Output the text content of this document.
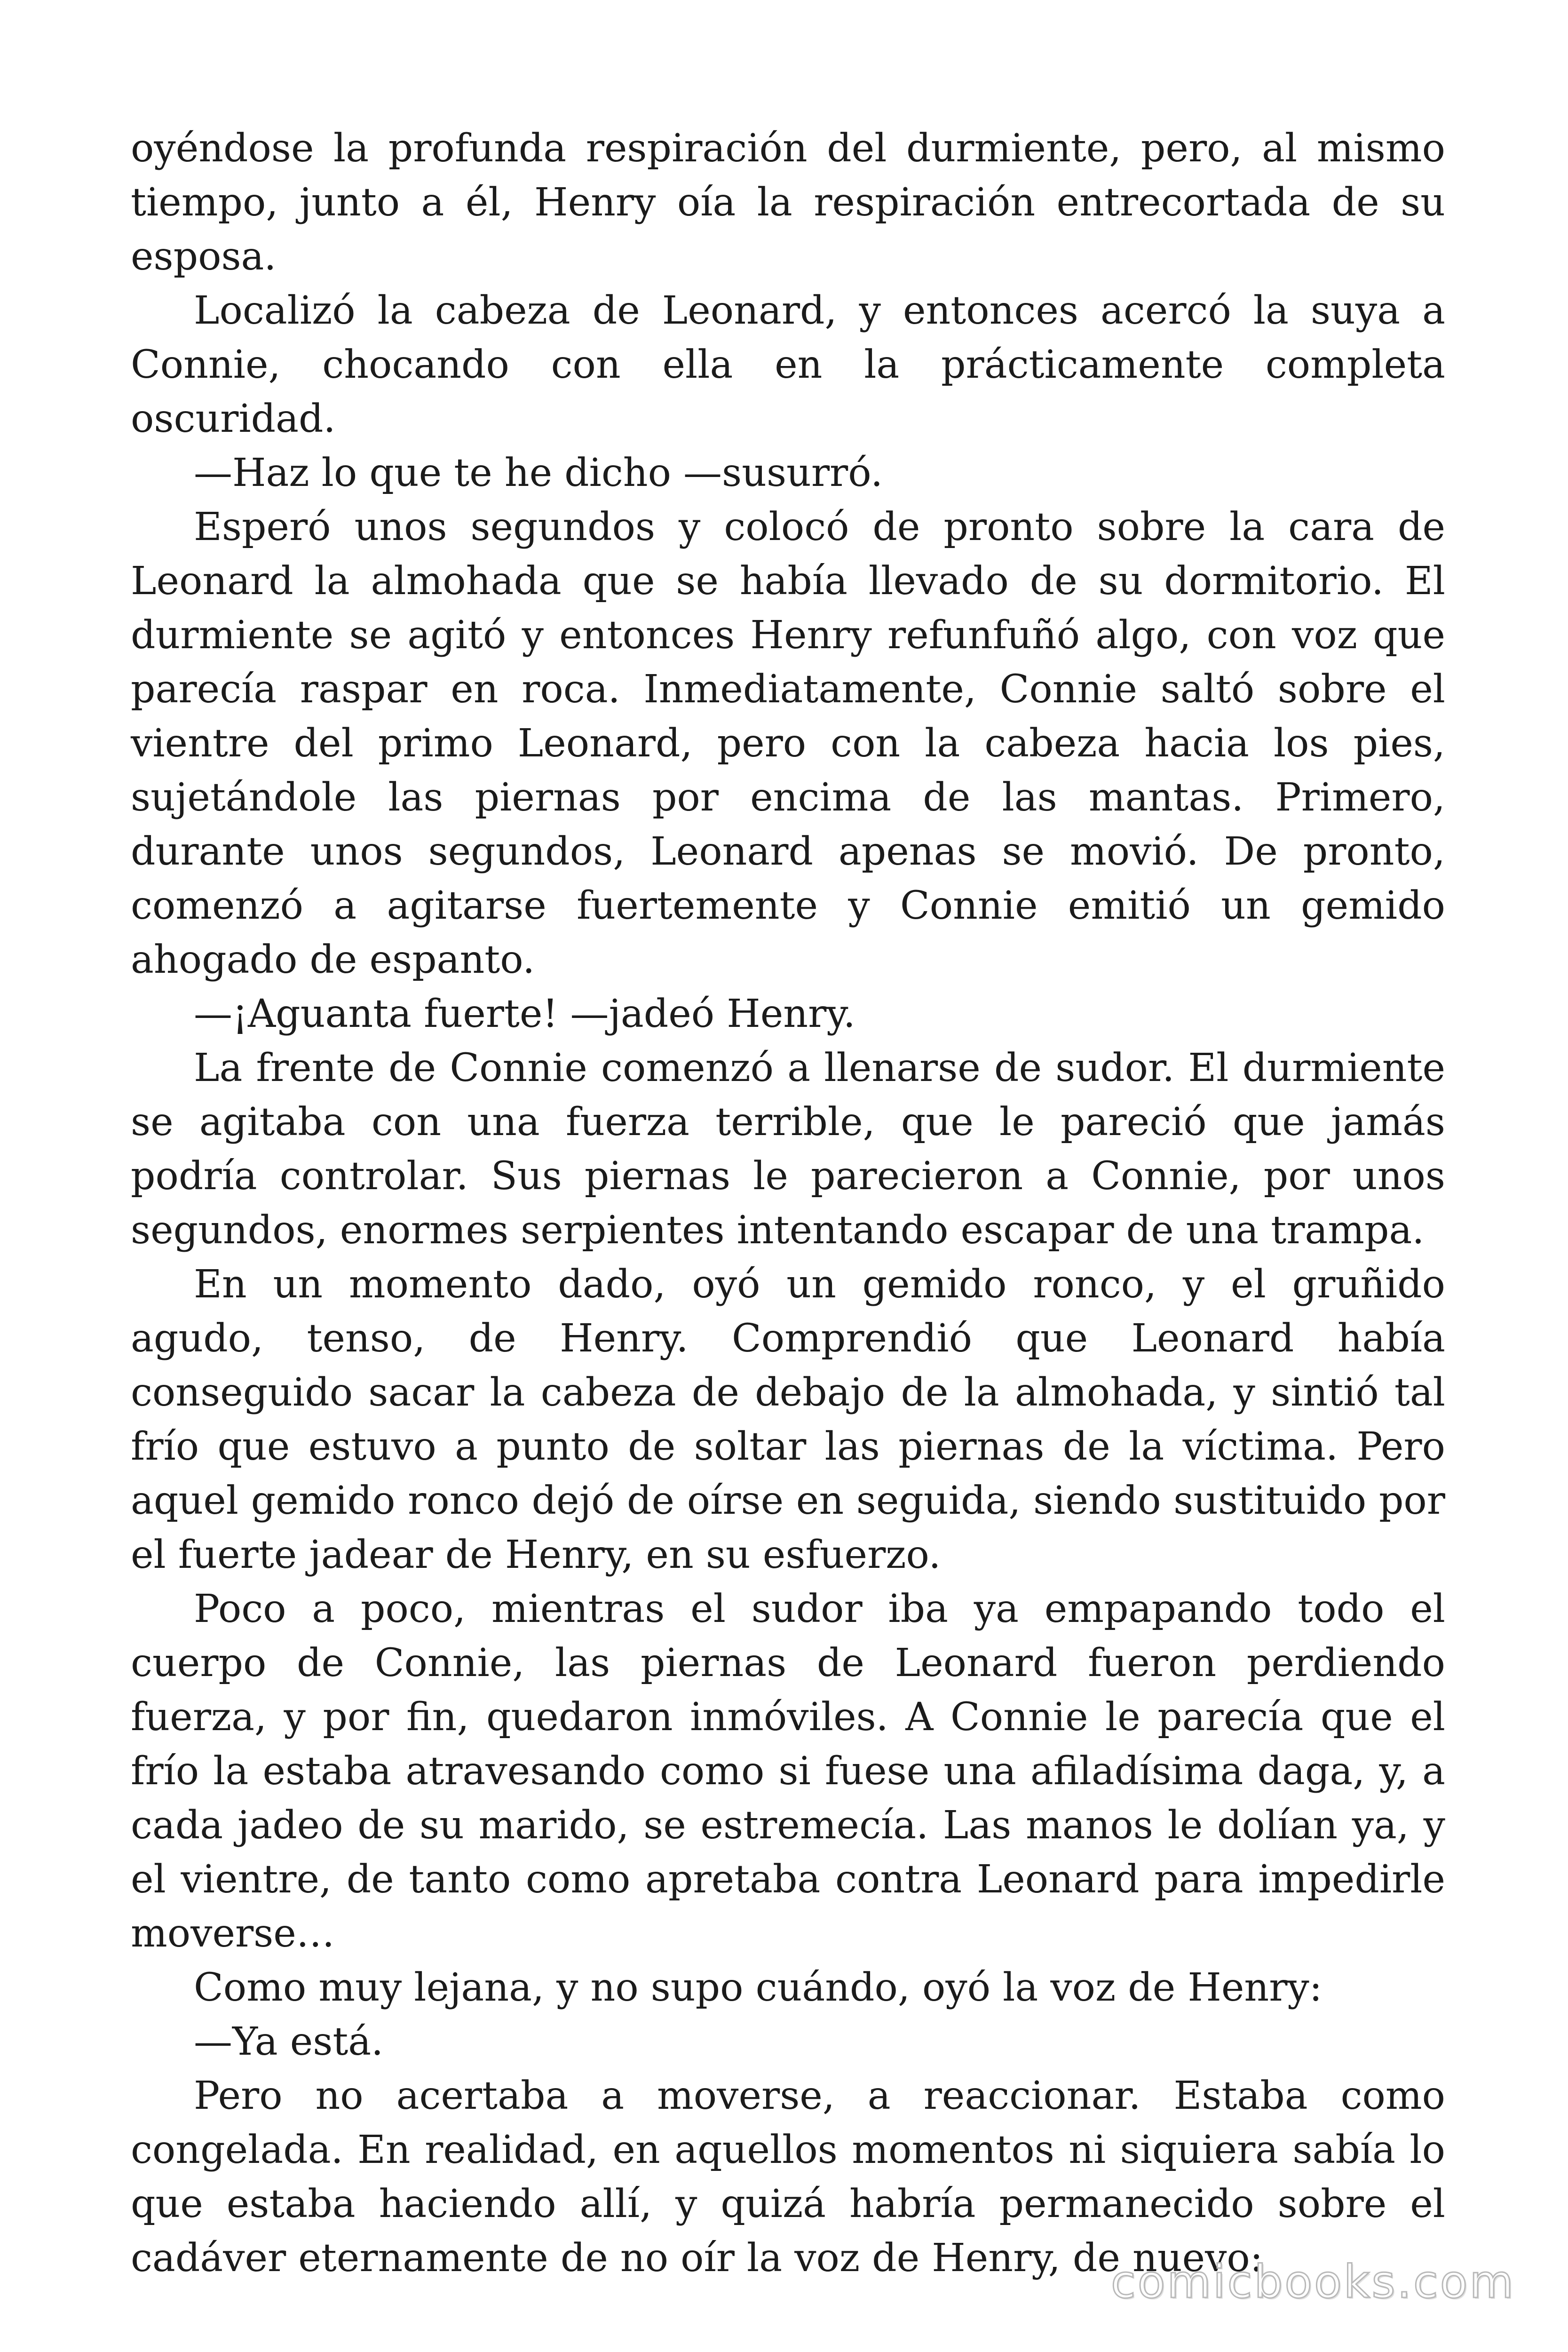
oyéndose la profunda respiración del durmiente, pero, al mismo tiempo, junto a él, Henry oía la respiración entrecortada de su esposa.

Localizó la cabeza de Leonard, y entonces acercó la suya a Connie, chocando con ella en la prácticamente completa oscuridad.

—Haz lo que te he dicho —susurró.

Esperó unos segundos y colocó de pronto sobre la cara de Leonard la almohada que se había llevado de su dormitorio. El durmiente se agitó y entonces Henry refunfuñó algo, con voz que parecía raspar en roca. Inmediatamente, Connie saltó sobre el vientre del primo Leonard, pero con la cabeza hacia los pies, sujetándole las piernas por encima de las mantas. Primero, durante unos segundos, Leonard apenas se movió. De pronto, comenzó a agitarse fuertemente y Connie emitió un gemido ahogado de espanto.

—¡Aguanta fuerte! —jadeó Henry.

La frente de Connie comenzó a llenarse de sudor. El durmiente se agitaba con una fuerza terrible, que le pareció que jamás podría controlar. Sus piernas le parecieron a Connie, por unos segundos, enormes serpientes intentando escapar de una trampa.

En un momento dado, oyó un gemido ronco, y el gruñido agudo, tenso, de Henry. Comprendió que Leonard había conseguido sacar la cabeza de debajo de la almohada, y sintió tal frío que estuvo a punto de soltar las piernas de la víctima. Pero aquel gemido ronco dejó de oírse en seguida, siendo sustituido por el fuerte jadear de Henry, en su esfuerzo.

Poco a poco, mientras el sudor iba ya empapando todo el cuerpo de Connie, las piernas de Leonard fueron perdiendo fuerza, y por fin, quedaron inmóviles. A Connie le parecía que el frío la estaba atravesando como si fuese una afiladísima daga, y, a cada jadeo de su marido, se estremecía. Las manos le dolían ya, y el vientre, de tanto como apretaba contra Leonard para impedirle moverse…

Como muy lejana, y no supo cuándo, oyó la voz de Henry:

—Ya está.

Pero no acertaba a moverse, a reaccionar. Estaba como congelada. En realidad, en aquellos momentos ni siquiera sabía lo que estaba haciendo allí, y quizá habría permanecido sobre el cadáver eternamente de no oír la voz de Henry, de nuevo:

comicbooks.com
